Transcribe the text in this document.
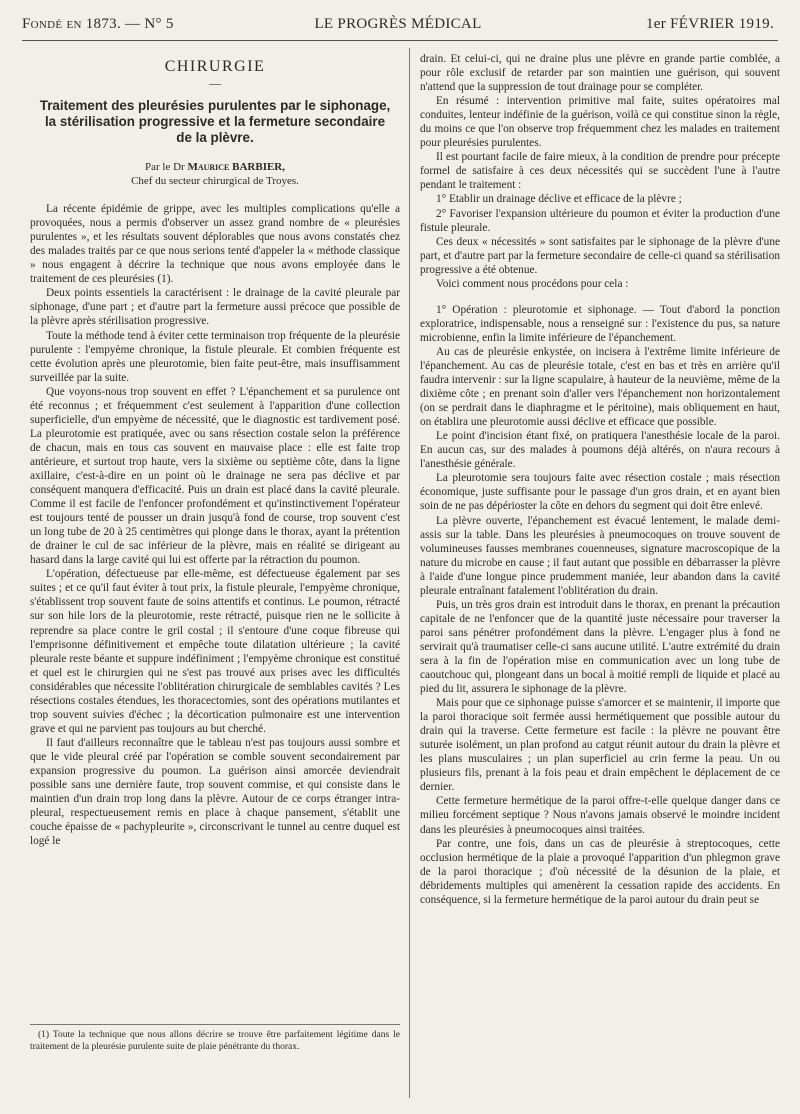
Fondé en 1873. — N° 5	LE PROGRÈS MÉDICAL	1er FÉVRIER 1919.
CHIRURGIE
—
Traitement des pleurésies purulentes par le siphonage, la stérilisation progressive et la fermeture secondaire de la plèvre.
Par le Dr Maurice BARBIER,
Chef du secteur chirurgical de Troyes.

La récente épidémie de grippe, avec les multiples complications qu'elle a provoquées, nous a permis d'observer un assez grand nombre de « pleurésies purulentes », et les résultats souvent déplorables que nous avons constatés chez des malades traités par ce que nous serions tenté d'appeler la « méthode classique » nous engagent à décrire la technique que nous avons employée dans le traitement de ces pleurésies (1).

Deux points essentiels la caractérisent : le drainage de la cavité pleurale par siphonage, d'une part ; et d'autre part la fermeture aussi précoce que possible de la plèvre après stérilisation progressive.

Toute la méthode tend à éviter cette terminaison trop fréquente de la pleurésie purulente : l'empyème chronique, la fistule pleurale. Et combien fréquente est cette évolution après une pleurotomie, bien faite peut-être, mais insuffisamment surveillée par la suite.

Que voyons-nous trop souvent en effet ? L'épanchement et sa purulence ont été reconnus ; et fréquemment c'est seulement à l'apparition d'une collection superficielle, d'un empyème de nécessité, que le diagnostic est tardivement posé. La pleurotomie est pratiquée, avec ou sans résection costale selon la préférence de chacun, mais en tous cas souvent en mauvaise place : elle est faite trop antérieure, et surtout trop haute, vers la sixième ou septième côte, dans la ligne axillaire, c'est-à-dire en un point où le drainage ne sera pas déclive et par conséquent manquera d'efficacité. Puis un drain est placé dans la cavité pleurale. Comme il est facile de l'enfoncer profondément et qu'instinctivement l'opérateur est toujours tenté de pousser un drain jusqu'à fond de course, trop souvent c'est un long tube de 20 à 25 centimètres qui plonge dans le thorax, ayant la prétention de drainer le cul de sac inférieur de la plèvre, mais en réalité se dirigeant au hasard dans la large cavité qui lui est offerte par la rétraction du poumon.

L'opération, défectueuse par elle-même, est défectueuse également par ses suites ; et ce qu'il faut éviter à tout prix, la fistule pleurale, l'empyème chronique, s'établissent trop souvent faute de soins attentifs et continus. Le poumon, rétracté sur son hile lors de la pleurotomie, reste rétracté, puisque rien ne le sollicite à reprendre sa place contre le gril costal ; il s'entoure d'une coque fibreuse qui l'emprisonne définitivement et empêche toute dilatation ultérieure ; la cavité pleurale reste béante et suppure indéfiniment ; l'empyème chronique est constitué et quel est le chirurgien qui ne s'est pas trouvé aux prises avec les difficultés considérables que nécessite l'oblitération chirurgicale de semblables cavités ? Les résections costales étendues, les thoracectomies, sont des opérations mutilantes et trop souvent suivies d'échec ; la décortication pulmonaire est une intervention grave et qui ne parvient pas toujours au but cherché.

Il faut d'ailleurs reconnaître que le tableau n'est pas toujours aussi sombre et que le vide pleural créé par l'opération se comble souvent secondairement par expansion progressive du poumon. La guérison ainsi amorcée deviendrait possible sans une dernière faute, trop souvent commise, et qui consiste dans le maintien d'un drain trop long dans la plèvre. Autour de ce corps étranger intra-pleural, respectueusement remis en place à chaque pansement, s'établit une couche épaisse de « pachypleurite », circonscrivant le tunnel au centre duquel est logé le

(1) Toute la technique que nous allons décrire se trouve être parfaitement légitime dans le traitement de la pleurésie purulente suite de plaie pénétrante du thorax.

drain. Et celui-ci, qui ne draine plus une plèvre en grande partie comblée, a pour rôle exclusif de retarder par son maintien une guérison, qui souvent n'attend que la suppression de tout drainage pour se compléter.

En résumé : intervention primitive mal faite, suites opératoires mal conduites, lenteur indéfinie de la guérison, voilà ce qui constitue sinon la règle, du moins ce que l'on observe trop fréquemment chez les malades en traitement pour pleurésies purulentes.

Il est pourtant facile de faire mieux, à la condition de prendre pour précepte formel de satisfaire à ces deux nécessités qui se succèdent l'une à l'autre pendant le traitement :

1° Etablir un drainage déclive et efficace de la plèvre ;

2° Favoriser l'expansion ultérieure du poumon et éviter la production d'une fistule pleurale.

Ces deux « nécessités » sont satisfaites par le siphonage de la plèvre d'une part, et d'autre part par la fermeture secondaire de celle-ci quand sa stérilisation progressive a été obtenue.

Voici comment nous procédons pour cela :

1° Opération : pleurotomie et siphonage. — Tout d'abord la ponction exploratrice, indispensable, nous a renseigné sur : l'existence du pus, sa nature microbienne, enfin la limite inférieure de l'épanchement.

Au cas de pleurésie enkystée, on incisera à l'extrême limite inférieure de l'épanchement. Au cas de pleurésie totale, c'est en bas et très en arrière qu'il faudra intervenir : sur la ligne scapulaire, à hauteur de la neuvième, même de la dixième côte ; en prenant soin d'aller vers l'épanchement non horizontalement (on se perdrait dans le diaphragme et le péritoine), mais obliquement en haut, on établira une pleurotomie aussi déclive et efficace que possible.

Le point d'incision étant fixé, on pratiquera l'anesthésie locale de la paroi. En aucun cas, sur des malades à poumons déjà altérés, on n'aura recours à l'anesthésie générale.

La pleurotomie sera toujours faite avec résection costale ; mais résection économique, juste suffisante pour le passage d'un gros drain, et en ayant bien soin de ne pas dépérioster la côte en dehors du segment qui doit être enlevé.

La plèvre ouverte, l'épanchement est évacué lentement, le malade demi-assis sur la table. Dans les pleurésies à pneumocoques on trouve souvent de volumineuses fausses membranes couenneuses, signature macroscopique de la nature du microbe en cause ; il faut autant que possible en débarrasser la plèvre à l'aide d'une longue pince prudemment maniée, leur abandon dans la cavité pleurale entraînant fatalement l'oblitération du drain.

Puis, un très gros drain est introduit dans le thorax, en prenant la précaution capitale de ne l'enfoncer que de la quantité juste nécessaire pour traverser la paroi sans pénétrer profondément dans la plèvre. L'engager plus à fond ne servirait qu'à traumatiser celle-ci sans aucune utilité. L'autre extrémité du drain sera à la fin de l'opération mise en communication avec un long tube de caoutchouc qui, plongeant dans un bocal à moitié rempli de liquide et placé au pied du lit, assurera le siphonage de la plèvre.

Mais pour que ce siphonage puisse s'amorcer et se maintenir, il importe que la paroi thoracique soit fermée aussi hermétiquement que possible autour du drain qui la traverse. Cette fermeture est facile : la plèvre ne pouvant être suturée isolément, un plan profond au catgut réunit autour du drain la plèvre et les plans musculaires ; un plan superficiel au crin ferme la peau. Un ou plusieurs fils, prenant à la fois peau et drain empêchent le déplacement de ce dernier.

Cette fermeture hermétique de la paroi offre-t-elle quelque danger dans ce milieu forcément septique ? Nous n'avons jamais observé le moindre incident dans les pleurésies à pneumocoques ainsi traitées.

Par contre, une fois, dans un cas de pleurésie à streptocoques, cette occlusion hermétique de la plaie a provoqué l'apparition d'un phlegmon grave de la paroi thoracique ; d'où nécessité de la désunion de la plaie, et débridements multiples qui amenèrent la cessation rapide des accidents. En conséquence, si la fermeture hermétique de la paroi autour du drain peut se
